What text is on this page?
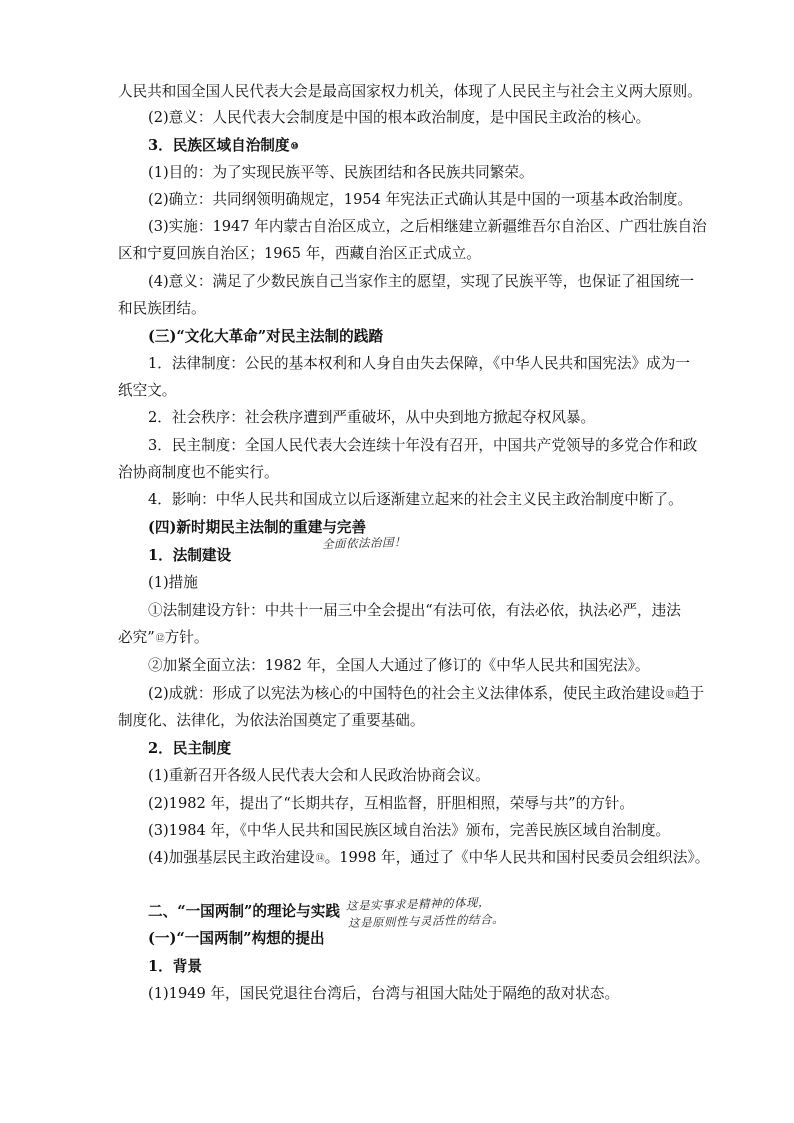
人民共和国全国人民代表大会是最高国家权力机关，体现了人民民主与社会主义两大原则。
(2)意义：人民代表大会制度是中国的根本政治制度，是中国民主政治的核心。
3．民族区域自治制度⑩
(1)目的：为了实现民族平等、民族团结和各民族共同繁荣。
(2)确立：共同纲领明确规定，1954 年宪法正式确认其是中国的一项基本政治制度。
(3)实施：1947 年内蒙古自治区成立，之后相继建立新疆维吾尔自治区、广西壮族自治
区和宁夏回族自治区；1965 年，西藏自治区正式成立。
(4)意义：满足了少数民族自己当家作主的愿望，实现了民族平等，也保证了祖国统一
和民族团结。
(三)“文化大革命”对民主法制的践踏
1．法律制度：公民的基本权利和人身自由失去保障，《中华人民共和国宪法》成为一
纸空文。
2．社会秩序：社会秩序遭到严重破坏，从中央到地方掀起夺权风暴。
3．民主制度：全国人民代表大会连续十年没有召开，中国共产党领导的多党合作和政
治协商制度也不能实行。
4．影响：中华人民共和国成立以后逐渐建立起来的社会主义民主政治制度中断了。
(四)新时期民主法制的重建与完善
1．法制建设
(1)措施
①法制建设方针：中共十一届三中全会提出“有法可依，有法必依，执法必严，违法
必究”⑫方针。
②加紧全面立法：1982 年，全国人大通过了修订的《中华人民共和国宪法》。
(2)成就：形成了以宪法为核心的中国特色的社会主义法律体系，使民主政治建设⑬趋于
制度化、法律化，为依法治国奠定了重要基础。
2．民主制度
(1)重新召开各级人民代表大会和人民政治协商会议。
(2)1982 年，提出了“长期共存，互相监督，肝胆相照，荣辱与共”的方针。
(3)1984 年，《中华人民共和国民族区域自治法》颁布，完善民族区域自治制度。
(4)加强基层民主政治建设⑭。1998 年，通过了《中华人民共和国村民委员会组织法》。
二、“一国两制”的理论与实践
(一)“一国两制”构想的提出
1．背景
(1)1949 年，国民党退往台湾后，台湾与祖国大陆处于隔绝的敌对状态。
全面依法治国！
这是实事求是精神的体现，
这是原则性与灵活性的结合。
